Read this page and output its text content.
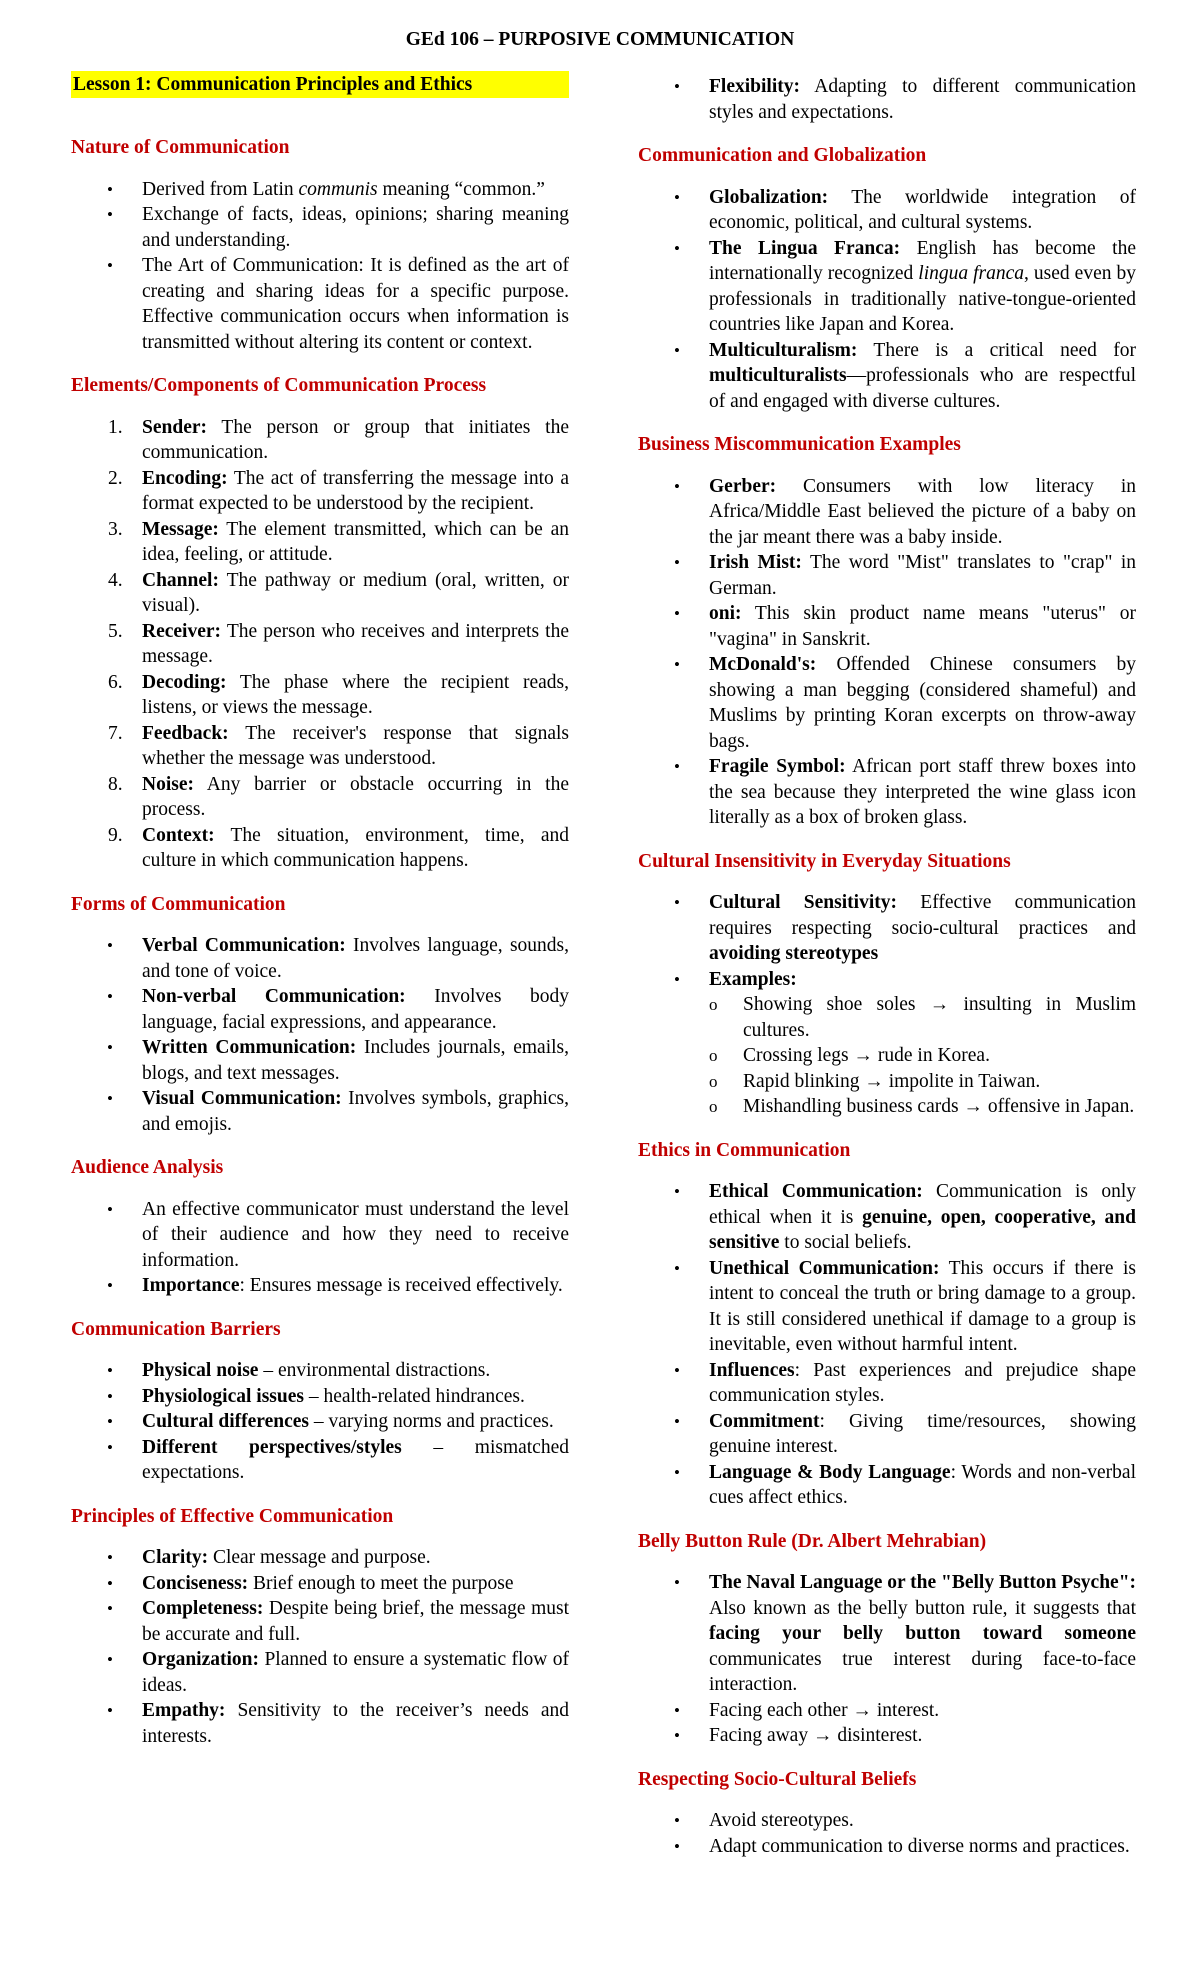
GEd 106 – PURPOSIVE COMMUNICATION
Lesson 1: Communication Principles and Ethics
Nature of Communication
•	Derived from Latin communis meaning “common.”
•	Exchange of facts, ideas, opinions; sharing meaning and understanding.
•	The Art of Communication: It is defined as the art of creating and sharing ideas for a specific purpose. Effective communication occurs when information is transmitted without altering its content or context.
Elements/Components of Communication Process
1. Sender: The person or group that initiates the communication.
2. Encoding: The act of transferring the message into a format expected to be understood by the recipient.
3. Message: The element transmitted, which can be an idea, feeling, or attitude.
4. Channel: The pathway or medium (oral, written, or visual).
5. Receiver: The person who receives and interprets the message.
6. Decoding: The phase where the recipient reads, listens, or views the message.
7. Feedback: The receiver's response that signals whether the message was understood.
8. Noise: Any barrier or obstacle occurring in the process.
9. Context: The situation, environment, time, and culture in which communication happens.
Forms of Communication
•	Verbal Communication: Involves language, sounds, and tone of voice.
•	Non-verbal Communication: Involves body language, facial expressions, and appearance.
•	Written Communication: Includes journals, emails, blogs, and text messages.
•	Visual Communication: Involves symbols, graphics, and emojis.
Audience Analysis
•	An effective communicator must understand the level of their audience and how they need to receive information.
•	Importance: Ensures message is received effectively.
Communication Barriers
•	Physical noise – environmental distractions.
•	Physiological issues – health-related hindrances.
•	Cultural differences – varying norms and practices.
•	Different perspectives/styles – mismatched expectations.
Principles of Effective Communication
•	Clarity: Clear message and purpose.
•	Conciseness: Brief enough to meet the purpose
•	Completeness: Despite being brief, the message must be accurate and full.
•	Organization: Planned to ensure a systematic flow of ideas.
•	Empathy: Sensitivity to the receiver’s needs and interests.
•	Flexibility: Adapting to different communication styles and expectations.
Communication and Globalization
•	Globalization: The worldwide integration of economic, political, and cultural systems.
•	The Lingua Franca: English has become the internationally recognized lingua franca, used even by professionals in traditionally native-tongue-oriented countries like Japan and Korea.
•	Multiculturalism: There is a critical need for multiculturalists—professionals who are respectful of and engaged with diverse cultures.
Business Miscommunication Examples
•	Gerber: Consumers with low literacy in Africa/Middle East believed the picture of a baby on the jar meant there was a baby inside.
•	Irish Mist: The word "Mist" translates to "crap" in German.
•	oni: This skin product name means "uterus" or "vagina" in Sanskrit.
•	McDonald's: Offended Chinese consumers by showing a man begging (considered shameful) and Muslims by printing Koran excerpts on throw-away bags.
•	Fragile Symbol: African port staff threw boxes into the sea because they interpreted the wine glass icon literally as a box of broken glass.
Cultural Insensitivity in Everyday Situations
•	Cultural Sensitivity: Effective communication requires respecting socio-cultural practices and avoiding stereotypes
•	Examples:
o	Showing shoe soles → insulting in Muslim cultures.
o	Crossing legs → rude in Korea.
o	Rapid blinking → impolite in Taiwan.
o	Mishandling business cards → offensive in Japan.
Ethics in Communication
•	Ethical Communication: Communication is only ethical when it is genuine, open, cooperative, and sensitive to social beliefs.
•	Unethical Communication: This occurs if there is intent to conceal the truth or bring damage to a group. It is still considered unethical if damage to a group is inevitable, even without harmful intent.
•	Influences: Past experiences and prejudice shape communication styles.
•	Commitment: Giving time/resources, showing genuine interest.
•	Language & Body Language: Words and non-verbal cues affect ethics.
Belly Button Rule (Dr. Albert Mehrabian)
•	The Naval Language or the "Belly Button Psyche": Also known as the belly button rule, it suggests that facing your belly button toward someone communicates true interest during face-to-face interaction.
•	Facing each other → interest.
•	Facing away → disinterest.
Respecting Socio-Cultural Beliefs
•	Avoid stereotypes.
•	Adapt communication to diverse norms and practices.
